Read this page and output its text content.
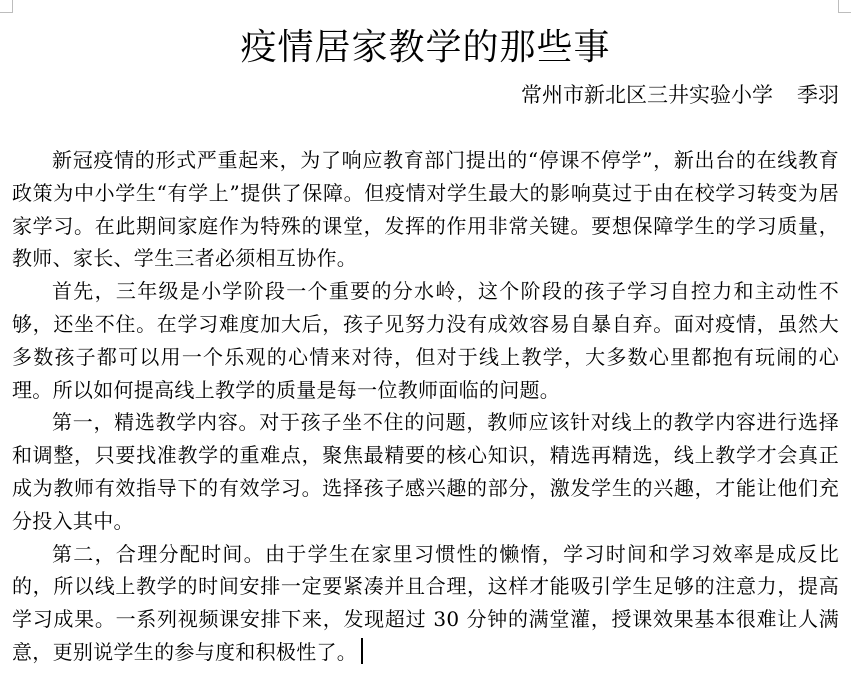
疫情居家教学的那些事
常州市新北区三井实验小学 季羽

新冠疫情的形式严重起来，为了响应教育部门提出的“停课不停学”，新出台的在线教育政策为中小学生“有学上”提供了保障。但疫情对学生最大的影响莫过于由在校学习转变为居家学习。在此期间家庭作为特殊的课堂，发挥的作用非常关键。要想保障学生的学习质量，教师、家长、学生三者必须相互协作。

首先，三年级是小学阶段一个重要的分水岭，这个阶段的孩子学习自控力和主动性不够，还坐不住。在学习难度加大后，孩子见努力没有成效容易自暴自弃。面对疫情，虽然大多数孩子都可以用一个乐观的心情来对待，但对于线上教学，大多数心里都抱有玩闹的心理。所以如何提高线上教学的质量是每一位教师面临的问题。

第一，精选教学内容。对于孩子坐不住的问题，教师应该针对线上的教学内容进行选择和调整，只要找准教学的重难点，聚焦最精要的核心知识，精选再精选，线上教学才会真正成为教师有效指导下的有效学习。选择孩子感兴趣的部分，激发学生的兴趣，才能让他们充分投入其中。

第二，合理分配时间。由于学生在家里习惯性的懒惰，学习时间和学习效率是成反比的，所以线上教学的时间安排一定要紧凑并且合理，这样才能吸引学生足够的注意力，提高学习成果。一系列视频课安排下来，发现超过 30 分钟的满堂灌，授课效果基本很难让人满意，更别说学生的参与度和积极性了。
